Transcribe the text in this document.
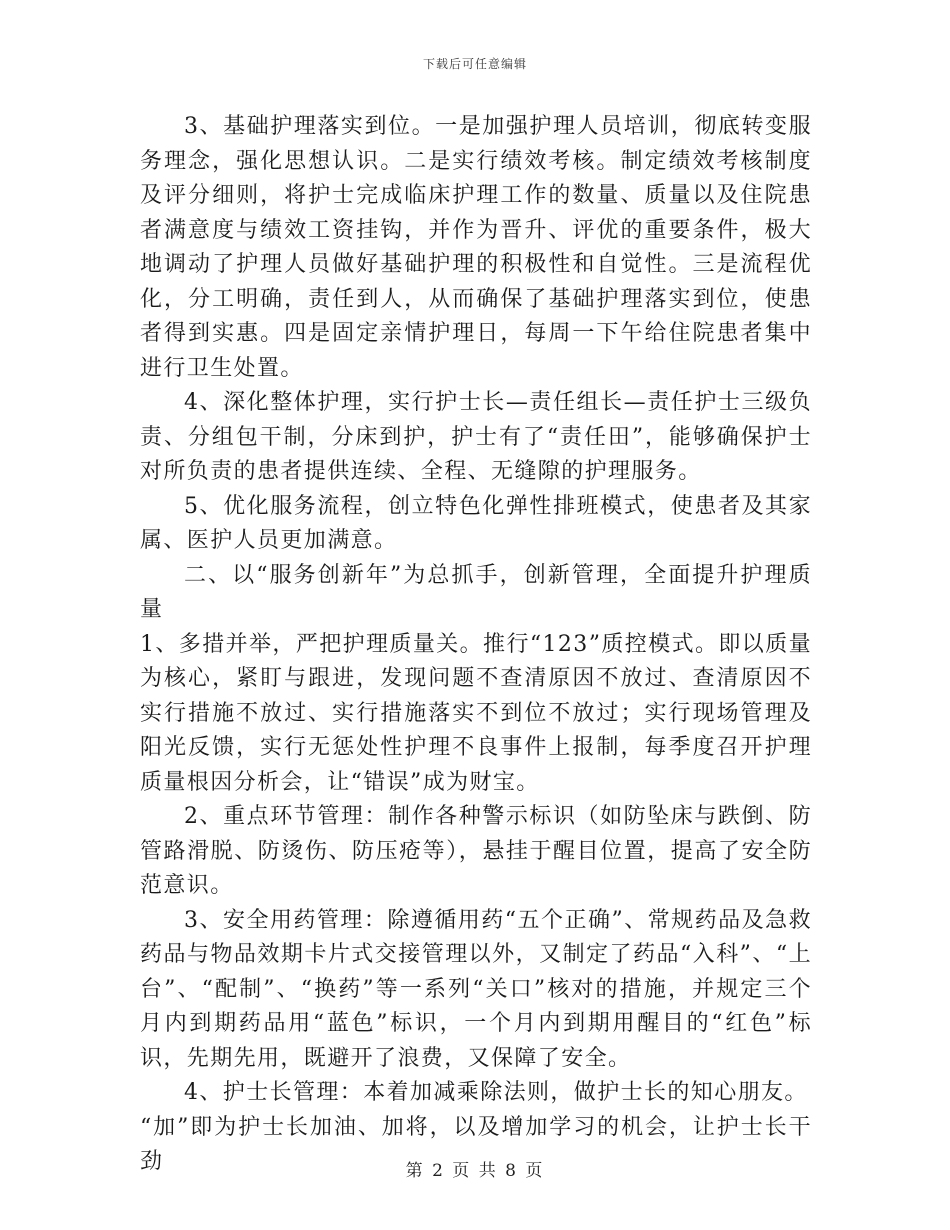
下载后可任意编辑

3、基础护理落实到位。一是加强护理人员培训，彻底转变服务理念，强化思想认识。二是实行绩效考核。制定绩效考核制度及评分细则，将护士完成临床护理工作的数量、质量以及住院患者满意度与绩效工资挂钩，并作为晋升、评优的重要条件，极大地调动了护理人员做好基础护理的积极性和自觉性。三是流程优化，分工明确，责任到人，从而确保了基础护理落实到位，使患者得到实惠。四是固定亲情护理日，每周一下午给住院患者集中进行卫生处置。

4、深化整体护理，实行护士长—责任组长—责任护士三级负责、分组包干制，分床到护，护士有了“责任田”，能够确保护士对所负责的患者提供连续、全程、无缝隙的护理服务。

5、优化服务流程，创立特色化弹性排班模式，使患者及其家属、医护人员更加满意。

二、以“服务创新年”为总抓手，创新管理，全面提升护理质量

1、多措并举，严把护理质量关。推行“123”质控模式。即以质量为核心，紧盯与跟进，发现问题不查清原因不放过、查清原因不实行措施不放过、实行措施落实不到位不放过；实行现场管理及阳光反馈，实行无惩处性护理不良事件上报制，每季度召开护理质量根因分析会，让“错误”成为财宝。

2、重点环节管理：制作各种警示标识（如防坠床与跌倒、防管路滑脱、防烫伤、防压疮等），悬挂于醒目位置，提高了安全防范意识。

3、安全用药管理：除遵循用药“五个正确”、常规药品及急救药品与物品效期卡片式交接管理以外，又制定了药品“入科”、“上台”、“配制”、“换药”等一系列“关口”核对的措施，并规定三个月内到期药品用“蓝色”标识，一个月内到期用醒目的“红色”标识，先期先用，既避开了浪费，又保障了安全。

4、护士长管理：本着加减乘除法则，做护士长的知心朋友。

“加”即为护士长加油、加将，以及增加学习的机会，让护士长干劲	第 2 页 共 8 页
